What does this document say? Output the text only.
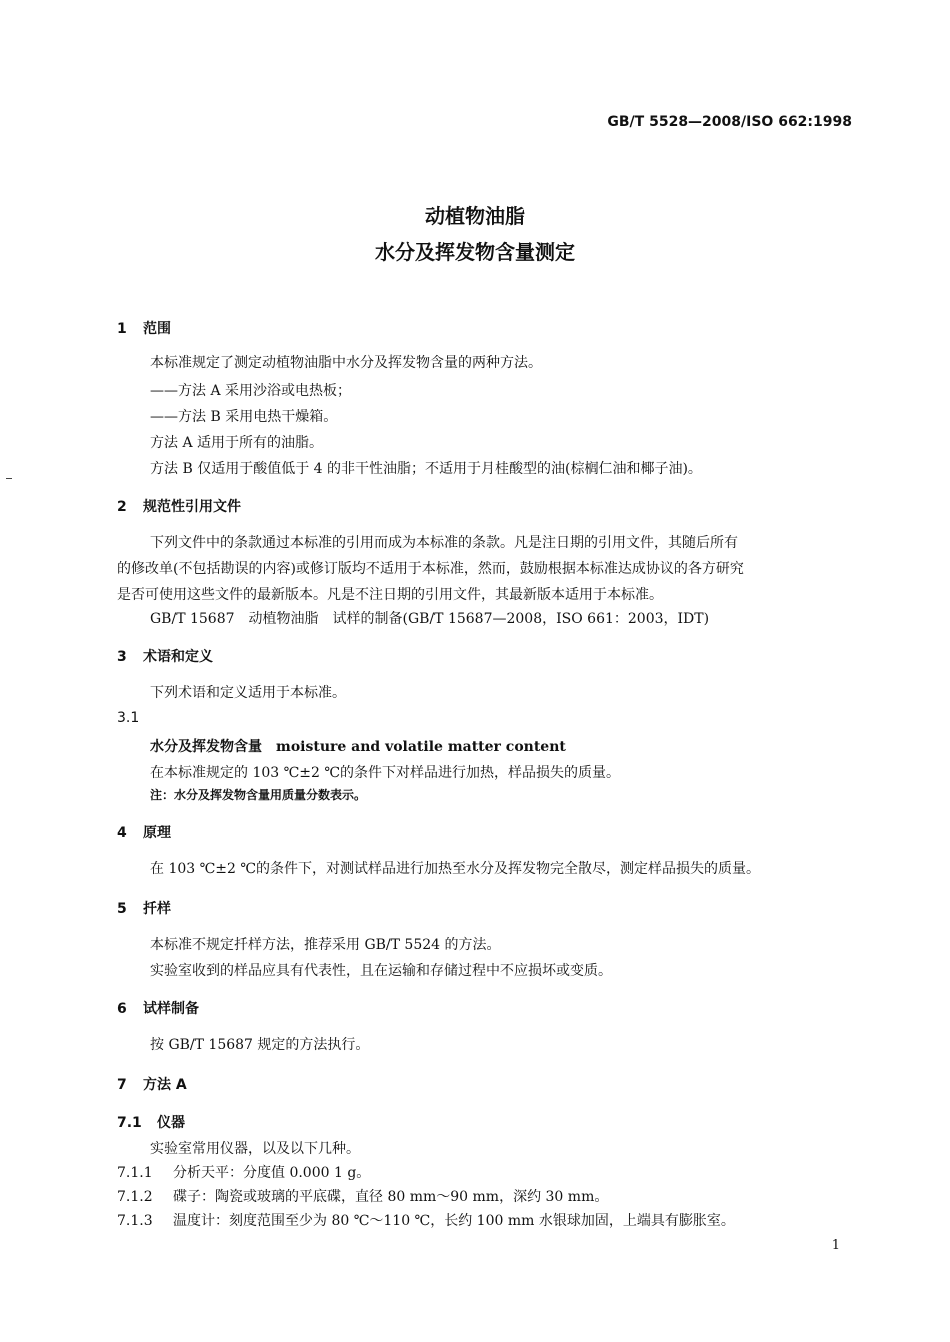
GB/T 5528—2008/ISO 662:1998
动植物油脂
水分及挥发物含量测定
1 范围
本标准规定了测定动植物油脂中水分及挥发物含量的两种方法。
——方法 A 采用沙浴或电热板；
——方法 B 采用电热干燥箱。
方法 A 适用于所有的油脂。
方法 B 仅适用于酸值低于 4 的非干性油脂；不适用于月桂酸型的油(棕榈仁油和椰子油)。
2 规范性引用文件
下列文件中的条款通过本标准的引用而成为本标准的条款。凡是注日期的引用文件，其随后所有
的修改单(不包括勘误的内容)或修订版均不适用于本标准，然而，鼓励根据本标准达成协议的各方研究
是否可使用这些文件的最新版本。凡是不注日期的引用文件，其最新版本适用于本标准。
GB/T 15687　动植物油脂　试样的制备(GB/T 15687—2008，ISO 661：2003，IDT)
3 术语和定义
下列术语和定义适用于本标准。
3.1
水分及挥发物含量 moisture and volatile matter content
在本标准规定的 103 ℃±2 ℃的条件下对样品进行加热，样品损失的质量。
注：水分及挥发物含量用质量分数表示。
4 原理
在 103 ℃±2 ℃的条件下，对测试样品进行加热至水分及挥发物完全散尽，测定样品损失的质量。
5 扦样
本标准不规定扦样方法，推荐采用 GB/T 5524 的方法。
实验室收到的样品应具有代表性，且在运输和存储过程中不应损坏或变质。
6 试样制备
按 GB/T 15687 规定的方法执行。
7 方法 A
7.1 仪器
实验室常用仪器，以及以下几种。
7.1.1 分析天平：分度值 0.000 1 g。
7.1.2 碟子：陶瓷或玻璃的平底碟，直径 80 mm～90 mm，深约 30 mm。
7.1.3 温度计：刻度范围至少为 80 ℃～110 ℃，长约 100 mm 水银球加固，上端具有膨胀室。
1
